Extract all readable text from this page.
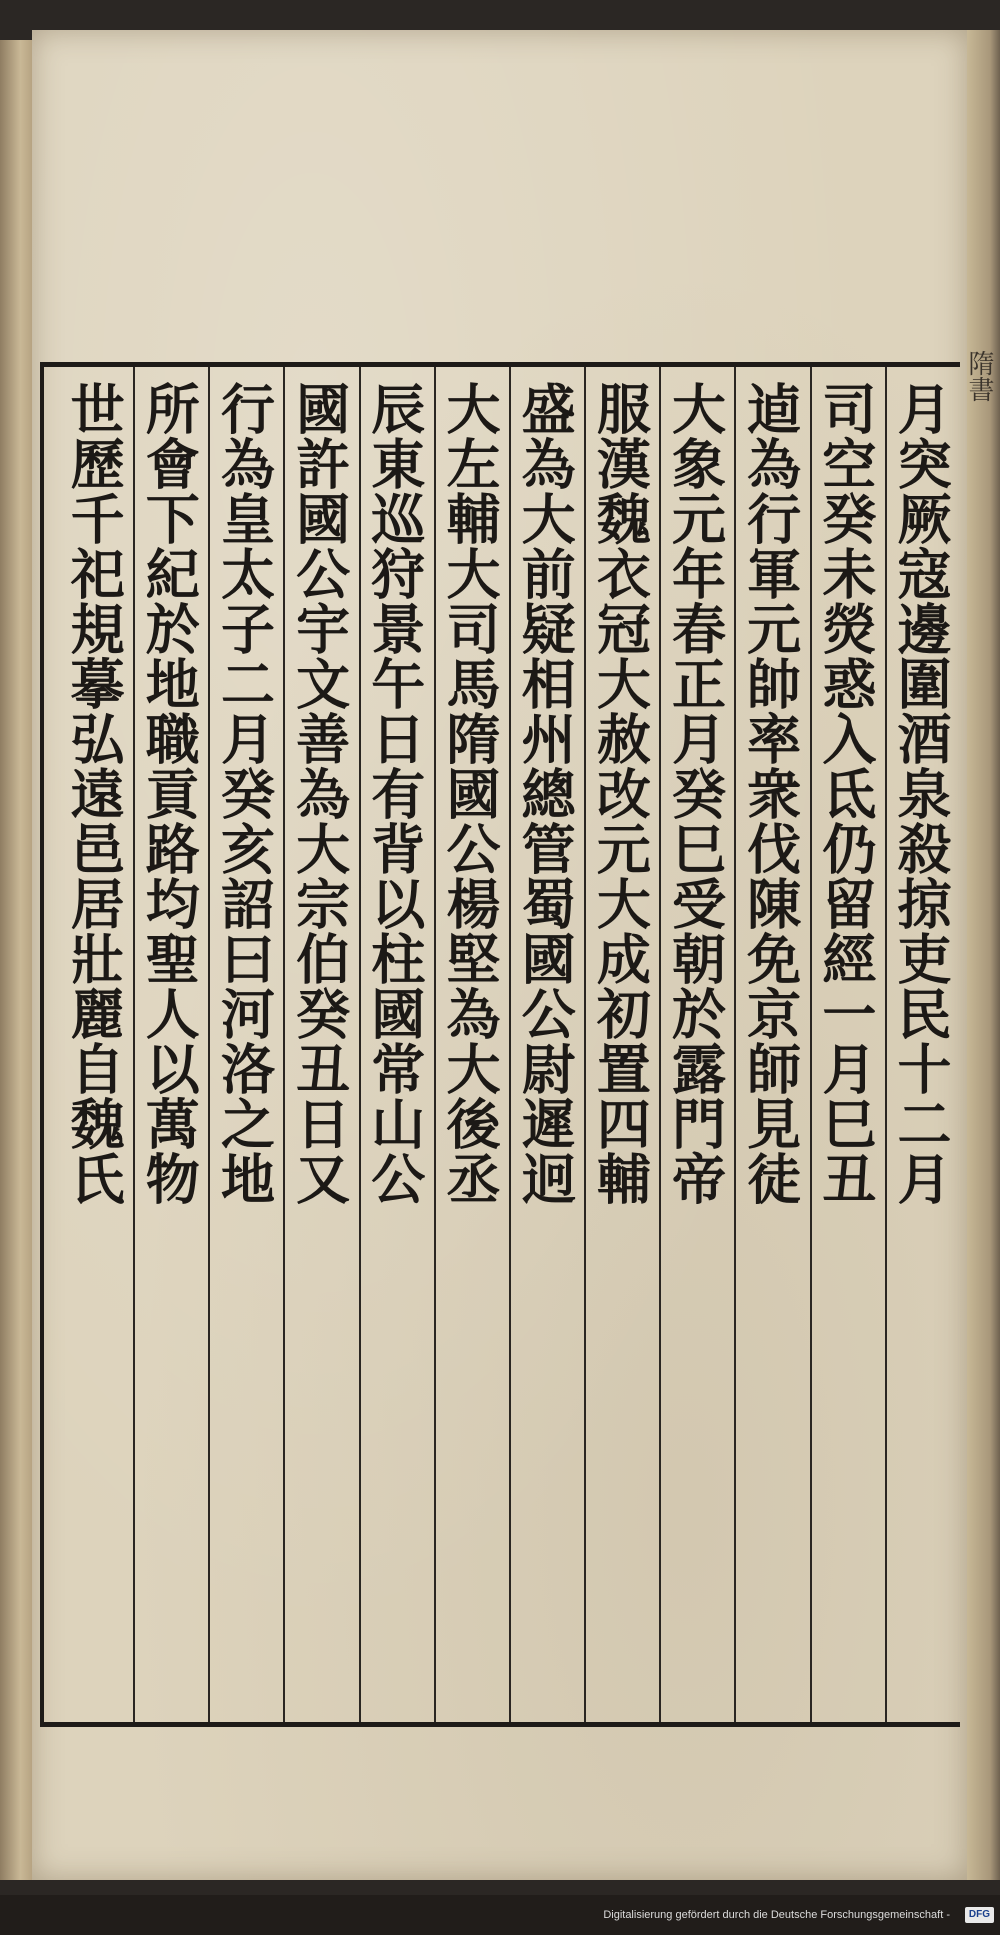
隋書
月突厥寇邊圍酒泉殺掠吏民十二月
司空癸未熒惑入氐仍留經一月巳丑
逌為行軍元帥率衆伐陳免京師見徒
大象元年春正月癸巳受朝於露門帝
服漢魏衣冠大赦改元大成初置四輔
盛為大前疑相州總管蜀國公尉遲迥
大左輔大司馬隋國公楊堅為大後丞
辰東巡狩景午日有背以柱國常山公
國許國公宇文善為大宗伯癸丑日又
行為皇太子二月癸亥詔曰河洛之地
所會下紀於地職貢路均聖人以萬物
世歷千祀規摹弘遠邑居壯麗自魏氏
Digitalisierung gefördert durch die Deutsche Forschungsgemeinschaft -	DFG
